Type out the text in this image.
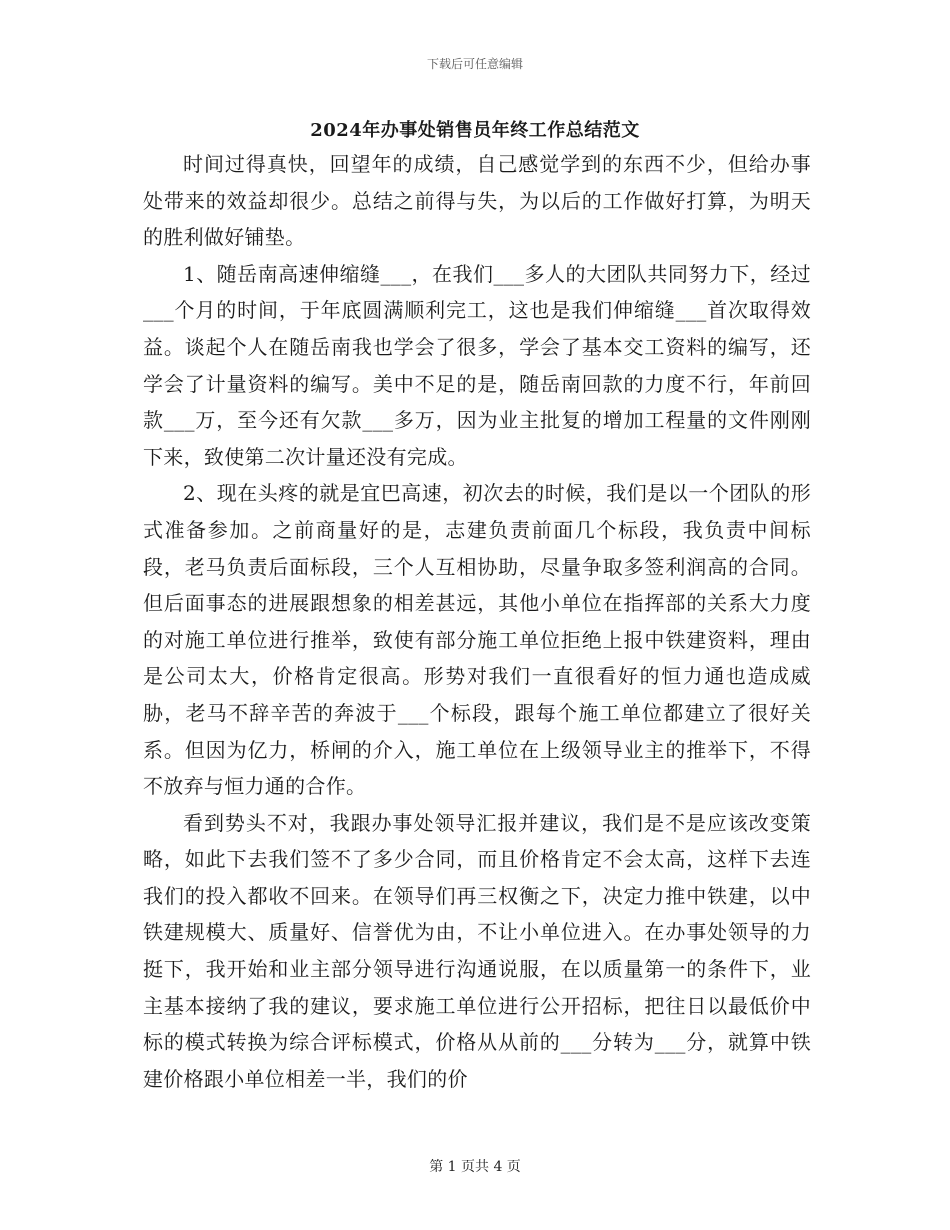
下载后可任意编辑
2024年办事处销售员年终工作总结范文

时间过得真快，回望年的成绩，自己感觉学到的东西不少，但给办事处带来的效益却很少。总结之前得与失，为以后的工作做好打算，为明天的胜利做好铺垫。

1、随岳南高速伸缩缝___，在我们___多人的大团队共同努力下，经过___个月的时间，于年底圆满顺利完工，这也是我们伸缩缝___首次取得效益。谈起个人在随岳南我也学会了很多，学会了基本交工资料的编写，还学会了计量资料的编写。美中不足的是，随岳南回款的力度不行，年前回款___万，至今还有欠款___多万，因为业主批复的增加工程量的文件刚刚下来，致使第二次计量还没有完成。

2、现在头疼的就是宜巴高速，初次去的时候，我们是以一个团队的形式准备参加。之前商量好的是，志建负责前面几个标段，我负责中间标段，老马负责后面标段，三个人互相协助，尽量争取多签利润高的合同。但后面事态的进展跟想象的相差甚远，其他小单位在指挥部的关系大力度的对施工单位进行推举，致使有部分施工单位拒绝上报中铁建资料，理由是公司太大，价格肯定很高。形势对我们一直很看好的恒力通也造成威胁，老马不辞辛苦的奔波于___个标段，跟每个施工单位都建立了很好关系。但因为亿力，桥闸的介入，施工单位在上级领导业主的推举下，不得不放弃与恒力通的合作。

看到势头不对，我跟办事处领导汇报并建议，我们是不是应该改变策略，如此下去我们签不了多少合同，而且价格肯定不会太高，这样下去连我们的投入都收不回来。在领导们再三权衡之下，决定力推中铁建，以中铁建规模大、质量好、信誉优为由，不让小单位进入。在办事处领导的力挺下，我开始和业主部分领导进行沟通说服，在以质量第一的条件下，业主基本接纳了我的建议，要求施工单位进行公开招标，把往日以最低价中标的模式转换为综合评标模式，价格从从前的___分转为___分，就算中铁建价格跟小单位相差一半，我们的价

第 1 页共 4 页
